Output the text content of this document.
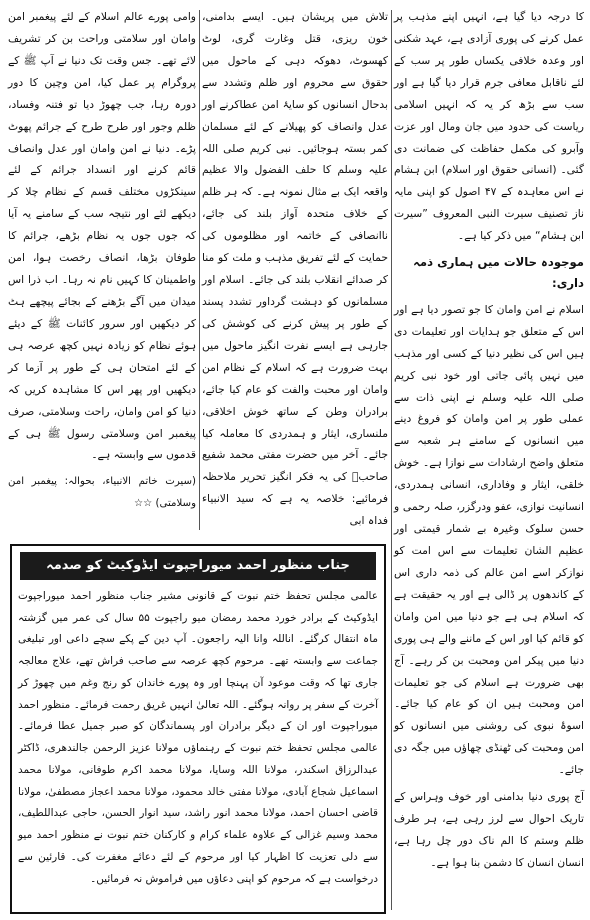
کا درجہ دیا گیا ہے، انہیں اپنے مذہب پر عمل کرنے کی پوری آزادی ہے، عہد شکنی اور وعدہ خلافی یکساں طور پر سب کے لئے ناقابل معافی جرم قرار دیا گیا ہے اور سب سے بڑھ کر یہ کہ انہیں اسلامی ریاست کی حدود میں جان ومال اور عزت وآبرو کی مکمل حفاظت کی ضمانت دی گئی۔ (انسانی حقوق اور اسلام) ابن ہشام نے اس معاہدہ کے ۴۷ اصول کو اپنی مایہ ناز تصنیف سیرت النبی المعروف ”سیرت ابن ہشام“ میں ذکر کیا ہے۔

موجودہ حالات میں ہماری ذمہ داری:

اسلام نے امن وامان کا جو تصور دیا ہے اور اس کے متعلق جو ہدایات اور تعلیمات دی ہیں اس کی نظیر دنیا کے کسی اور مذہب میں نہیں پائی جاتی اور خود نبی کریم صلی اللہ علیہ وسلم نے اپنی ذات سے عملی طور پر امن وامان کو فروغ دینے میں انسانوں کے سامنے ہر شعبہ سے متعلق واضح ارشادات سے نوازا ہے۔ خوش خلقی، ایثار و وفاداری، انسانی ہمدردی، انسانیت نوازی، عفو ودرگزر، صلہ رحمی و حسن سلوک وغیرہ بے شمار قیمتی اور عظیم الشان تعلیمات سے اس امت کو نوازکر اسے امن عالم کی ذمہ داری اس کے کاندھوں پر ڈالی ہے اور یہ حقیقت ہے کہ اسلام ہی ہے جو دنیا میں امن وامان کو قائم کیا اور اس کے ماننے والے ہی پوری دنیا میں پیکر امن ومحبت بن کر رہے۔ آج بھی ضرورت ہے اسلام کی جو تعلیمات امن ومحبت ہیں ان کو عام کیا جائے۔ اسوۂ نبوی کی روشنی میں انسانوں کو امن ومحبت کی ٹھنڈی چھاؤں میں جگہ دی جائے۔

آج پوری دنیا بدامنی اور خوف وہراس کے تاریک احوال سے لرز رہی ہے، ہر طرف ظلم وستم کا الم ناک دور چل رہا ہے، انسان انسان کا دشمن بنا ہوا ہے۔

تلاش میں پریشان ہیں۔ ایسے بدامنی، خون ریزی، قتل وغارت گری، لوٹ کھسوٹ، دھوکہ دہی کے ماحول میں حقوق سے محروم اور ظلم وتشدد سے بدحال انسانوں کو سایۂ امن عطاکرنے اور عدل وانصاف کو پھیلانے کے لئے مسلمان کمر بستہ ہوجائیں۔ نبی کریم صلی اللہ علیہ وسلم کا حلف الفضول والا عظیم واقعہ ایک بے مثال نمونہ ہے۔ کہ ہر ظلم کے خلاف متحدہ آواز بلند کی جائے، ناانصافی کے خاتمہ اور مظلوموں کی حمایت کے لئے تفریق مذہب و ملت کو منا کر صدائے انقلاب بلند کی جائے۔ اسلام اور مسلمانوں کو دہشت گرداور تشدد پسند کے طور پر پیش کرنے کی کوشش کی جارہی ہے ایسے نفرت انگیز ماحول میں بہت ضرورت ہے کہ اسلام کے نظام امن وامان اور محبت والفت کو عام کیا جائے، برادران وطن کے ساتھ خوش اخلاقی، ملنساری، ایثار و ہمدردی کا معاملہ کیا جائے۔ آخر میں حضرت مفتی محمد شفیع صاحبؒ کی یہ فکر انگیز تحریر ملاحظہ فرمائیے: خلاصہ یہ ہے کہ سید الانبیاء فداہ ابی

وامی پورے عالم اسلام کے لئے پیغمبر امن وامان اور سلامتی وراحت بن کر تشریف لائے تھے۔ جس وقت تک دنیا نے آپ ﷺ کے پروگرام پر عمل کیا، امن وچین کا دور دورہ رہا، جب چھوڑ دیا تو فتنہ وفساد، ظلم وجور اور طرح طرح کے جرائم پھوٹ پڑے۔ دنیا نے امن وامان اور عدل وانصاف قائم کرنے اور انسداد جرائم کے لئے سینکڑوں مختلف قسم کے نظام چلا کر دیکھے لئے اور نتیجہ سب کے سامنے یہ آیا کہ جوں جوں یہ نظام بڑھے، جرائم کا طوفان بڑھا، انصاف رخصت ہوا، امن واطمینان کا کہیں نام نہ رہا۔ اب ذرا اس میدان میں آگے بڑھنے کے بجائے پیچھے ہٹ کر دیکھیں اور سرور کائنات ﷺ کے دیئے ہوئے نظام کو زیادہ نہیں کچھ عرصہ ہی کے لئے امتحان ہی کے طور پر آزما کر دیکھیں اور پھر اس کا مشاہدہ کریں کہ دنیا کو امن وامان، راحت وسلامتی، صرف پیغمبر امن وسلامتی رسول ﷺ ہی کے قدموں سے وابستہ ہے۔

(سیرت خاتم الانبیاء، بحوالہ: پیغمبر امن وسلامتی) ☆☆

جناب منظور احمد میوراجپوت ایڈوکیٹ کو صدمہ

عالمی مجلس تحفظ ختم نبوت کے قانونی مشیر جناب منظور احمد میوراجپوت ایڈوکیٹ کے برادر خورد محمد رمضان میو راجپوت ۵۵ سال کی عمر میں گزشتہ ماہ انتقال کرگئے۔ اناللہ وانا الیہ راجعون۔ آپ دین کے پکے سچے داعی اور تبلیغی جماعت سے وابستہ تھے۔ مرحوم کچھ عرصہ سے صاحب فراش تھے، علاج معالجہ جاری تھا کہ وقت موعود آن پہنچا اور وہ پورے خاندان کو رنج وغم میں چھوڑ کر آخرت کے سفر پر روانہ ہوگئے۔ اللہ تعالیٰ انہیں غریق رحمت فرمائے۔ منظور احمد میوراجپوت اور ان کے دیگر برادران اور پسماندگان کو صبر جمیل عطا فرمائے۔ عالمی مجلس تحفظ ختم نبوت کے رہنماؤں مولانا عزیز الرحمن جالندھری، ڈاکٹر عبدالرزاق اسکندر، مولانا اللہ وسایا، مولانا محمد اکرم طوفانی، مولانا محمد اسماعیل شجاع آبادی، مولانا مفتی خالد محمود، مولانا محمد اعجاز مصطفیٰ، مولانا قاضی احسان احمد، مولانا محمد انور راشد، سید انوار الحسن، حاجی عبداللطیف، محمد وسیم غزالی کے علاوہ علماء کرام و کارکنان ختم نبوت نے منظور احمد میو سے دلی تعزیت کا اظہار کیا اور مرحوم کے لئے دعائے مغفرت کی۔ قارئین سے درخواست ہے کہ مرحوم کو اپنی دعاؤں میں فراموش نہ فرمائیں۔
